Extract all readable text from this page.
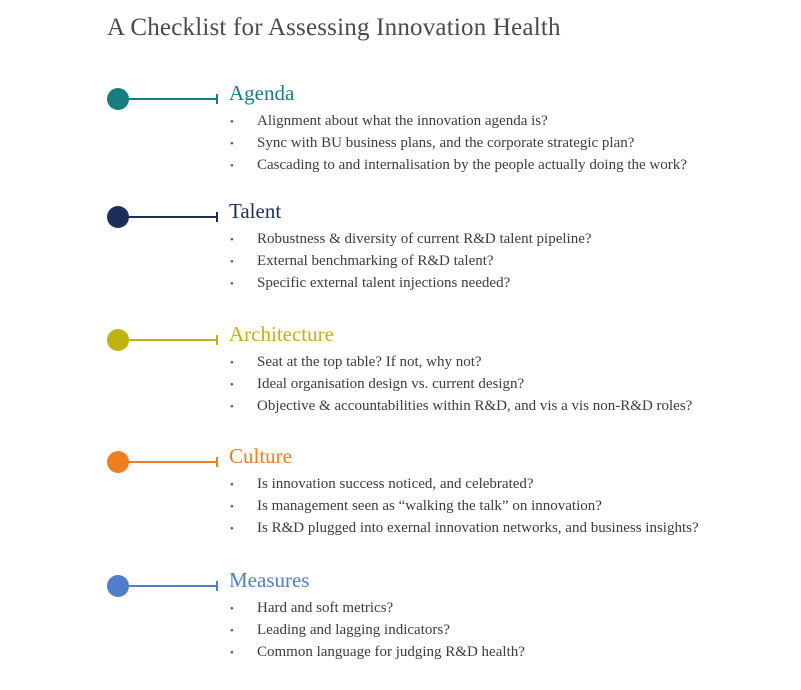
A Checklist for Assessing Innovation Health
Agenda
• Alignment about what the innovation agenda is?
• Sync with BU business plans, and the corporate strategic plan?
• Cascading to and internalisation by the people actually doing the work?
Talent
• Robustness & diversity of current R&D talent pipeline?
• External benchmarking of R&D talent?
• Specific external talent injections needed?
Architecture
• Seat at the top table? If not, why not?
• Ideal organisation design vs. current design?
• Objective & accountabilities within R&D, and vis a vis non-R&D roles?
Culture
• Is innovation success noticed, and celebrated?
• Is management seen as “walking the talk” on innovation?
• Is R&D plugged into exernal innovation networks, and business insights?
Measures
• Hard and soft metrics?
• Leading and lagging indicators?
• Common language for judging R&D health?
